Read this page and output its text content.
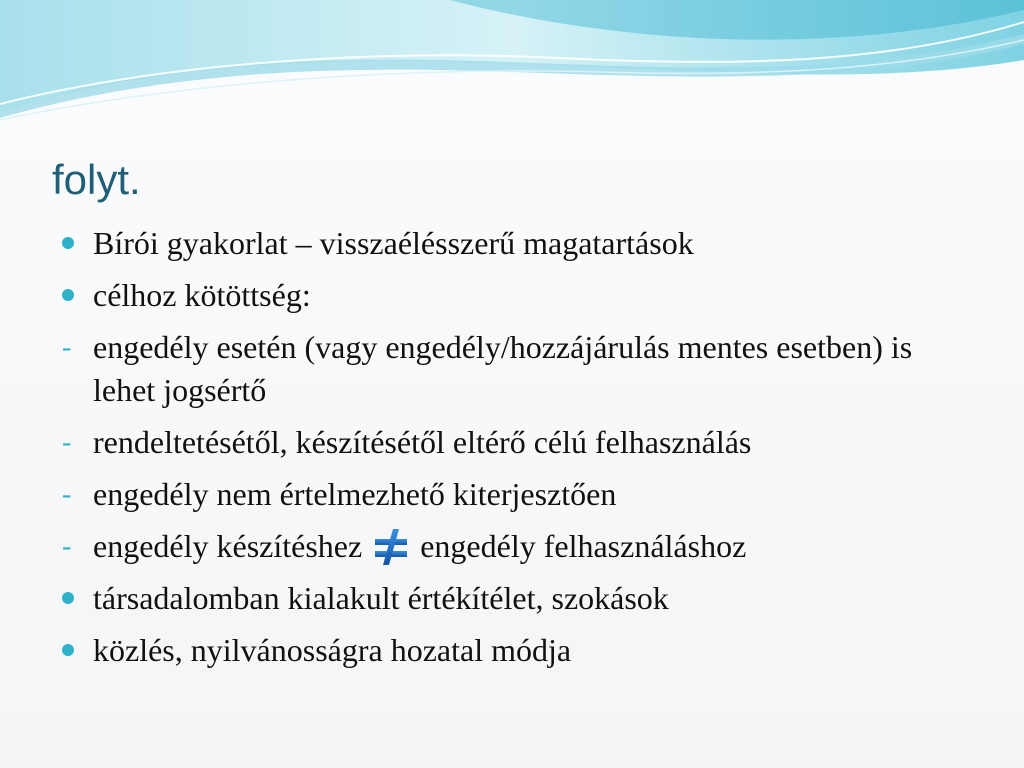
folyt.
Bírói gyakorlat – visszaélésszerű magatartások
célhoz kötöttség:
- engedély esetén (vagy engedély/hozzájárulás mentes esetben) is lehet jogsértő
- rendeltetésétől, készítésétől eltérő célú felhasználás
- engedély nem értelmezhető kiterjesztően
- engedély készítéshez engedély felhasználáshoz
társadalomban kialakult értékítélet, szokások
közlés, nyilvánosságra hozatal módja
